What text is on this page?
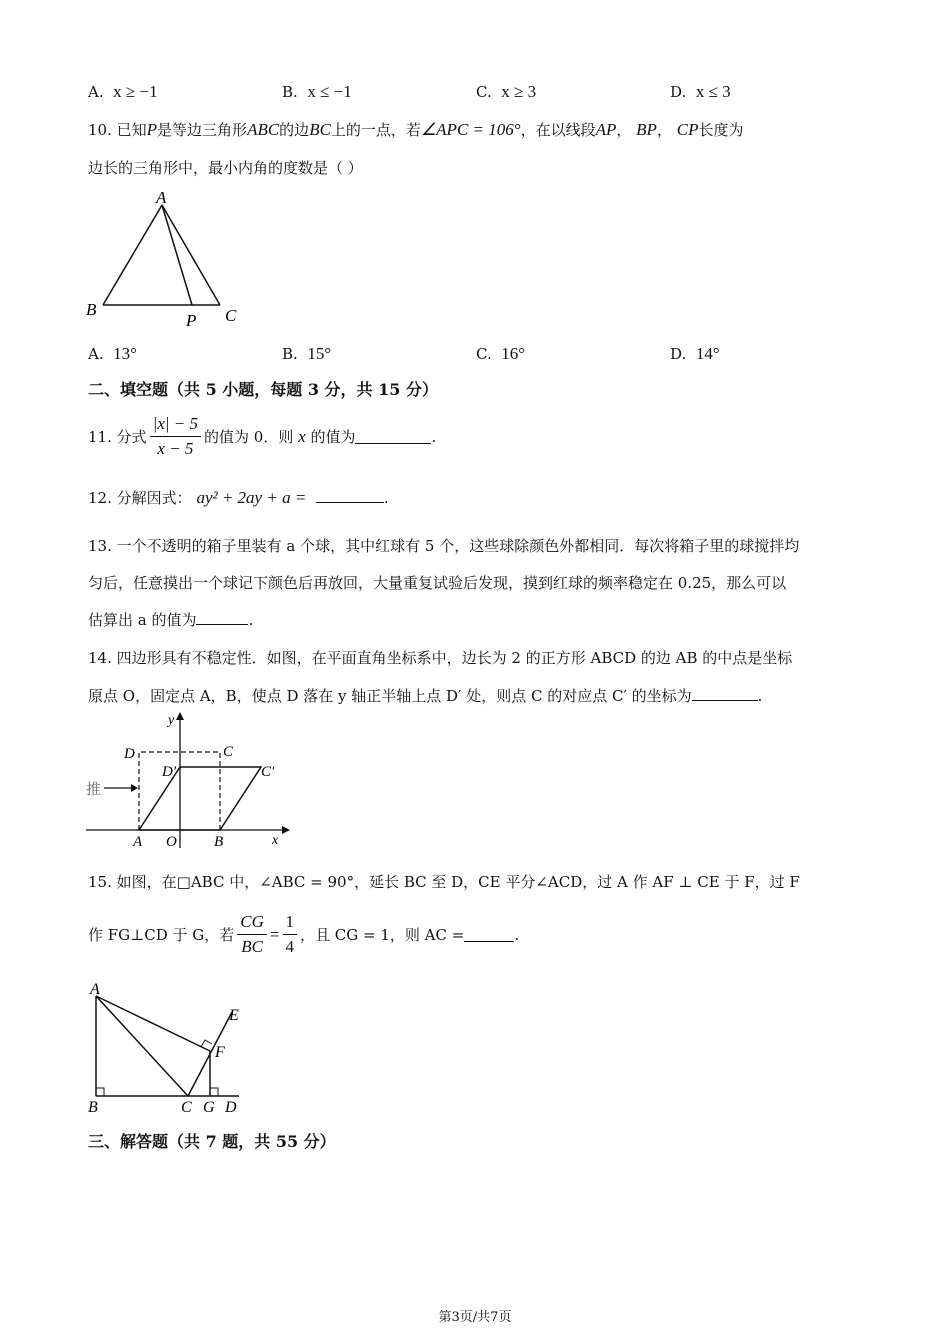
A. x ≥ −1	B. x ≤ −1	C. x ≥ 3	D. x ≤ 3
10. 已知P是等边三角形ABC的边BC上的一点，若∠APC = 106°，在以线段AP， BP， CP长度为
边长的三角形中，最小内角的度数是（ ）
A
B	C
P
A. 13°	B. 15°	C. 16°	D. 14°
二、填空题（共 5 小题，每题 3 分，共 15 分）
11.
分式 $\frac{|x| - 5}{x - 5}$ 的值为 0．则
x
的值为	.
12. 分解因式： ay² + 2ay + a =	.
13. 一个不透明的箱子里装有 a 个球，其中红球有 5 个，这些球除颜色外都相同．每次将箱子里的球搅拌均
匀后，任意摸出一个球记下颜色后再放回，大量重复试验后发现，摸到红球的频率稳定在 0.25，那么可以
估算出 a 的值为	.
14. 四边形具有不稳定性．如图，在平面直角坐标系中，边长为 2 的正方形 ABCD 的边 AB 的中点是坐标
原点 O，固定点 A，B，使点 D 落在 y 轴正半轴上点 D′ 处，则点 C 的对应点 C′ 的坐标为	.
y
x
D	C
D′	C′
推
A O B
15. 如图，在□ABC 中，∠ABC = 90°，延长 BC 至 D，CE 平分∠ACD，过 A 作 AF ⊥ CE 于 F，过 F
作 FG⊥CD 于 G，若 $\frac{CG}{BC} = \frac{1}{4}$ ，且 CG = 1，则 AC =	.
A
E
F
B	C G D
三、解答题（共 7 题，共 55 分）
第3页/共7页
